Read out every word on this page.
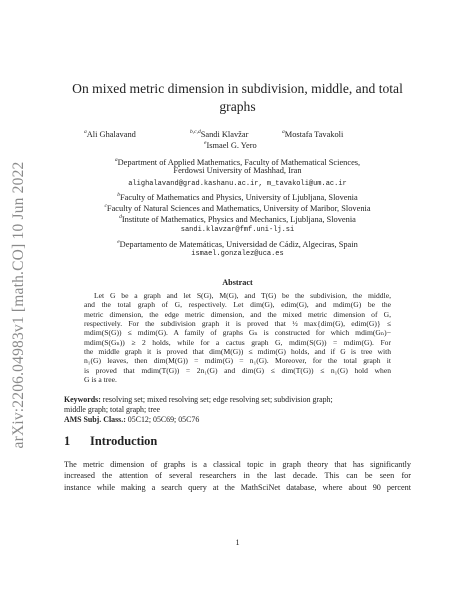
arXiv:2206.04983v1 [math.CO] 10 Jun 2022
On mixed metric dimension in subdivision, middle, and total
graphs
$^a$Ali Ghalavand	$^{b,c,d}$Sandi Klavžar	$^a$Mostafa Tavakoli
$^e$Ismael G. Yero
$^a$Department of Applied Mathematics, Faculty of Mathematical Sciences,
Ferdowsi University of Mashhad, Iran
alighalavand@grad.kashanu.ac.ir, m_tavakoli@um.ac.ir
$^b$Faculty of Mathematics and Physics, University of Ljubljana, Slovenia
$^c$Faculty of Natural Sciences and Mathematics, University of Maribor, Slovenia
$^d$Institute of Mathematics, Physics and Mechanics, Ljubljana, Slovenia
sandi.klavzar@fmf.uni-lj.si
$^e$Departamento de Matemáticas, Universidad de Cádiz, Algeciras, Spain
ismael.gonzalez@uca.es
Abstract
Let G be a graph and let S(G), M(G), and T(G) be the subdivision, the middle,
and the total graph of G, respectively. Let dim(G), edim(G), and mdim(G) be the
metric dimension, the edge metric dimension, and the mixed metric dimension of G,
respectively. For the subdivision graph it is proved that ½ max{dim(G), edim(G)} ≤
mdim(S(G)) ≤ mdim(G). A family of graphs Gₙ is constructed for which mdim(Gₙ)−
mdim(S(Gₙ)) ≥ 2 holds, while for a cactus graph G, mdim(S(G)) = mdim(G). For
the middle graph it is proved that dim(M(G)) ≤ mdim(G) holds, and if G is tree with
n₁(G) leaves, then dim(M(G)) = mdim(G) = n₁(G). Moreover, for the total graph it
is proved that mdim(T(G)) = 2n₁(G) and dim(G) ≤ dim(T(G)) ≤ n₁(G) hold when
G is a tree.
Keywords: resolving set; mixed resolving set; edge resolving set; subdivision graph;
middle graph; total graph; tree
AMS Subj. Class.: 05C12; 05C69; 05C76
1 Introduction
The metric dimension of graphs is a classical topic in graph theory that has significantly
increased the attention of several researchers in the last decade. This can be seen for
instance while making a search query at the MathSciNet database, where about 90 percent
1
